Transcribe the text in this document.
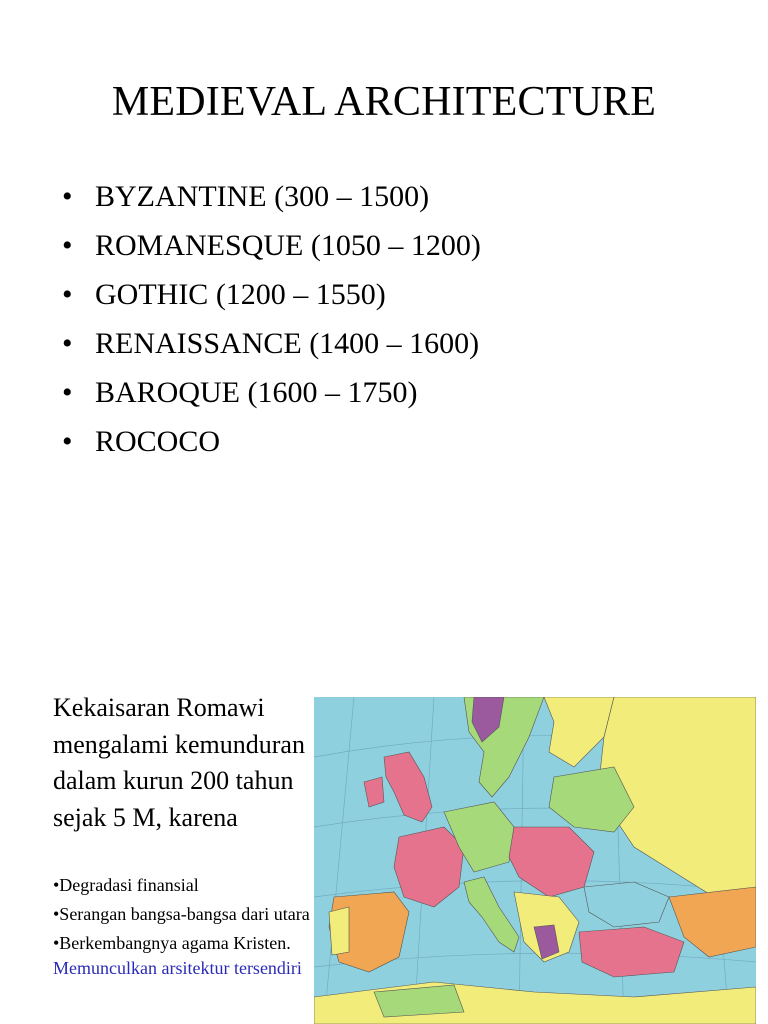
MEDIEVAL ARCHITECTURE
• BYZANTINE (300 – 1500)
• ROMANESQUE (1050 – 1200)
• GOTHIC (1200 – 1550)
• RENAISSANCE (1400 – 1600)
• BAROQUE (1600 – 1750)
• ROCOCO
Kekaisaran Romawi mengalami kemunduran dalam kurun 200 tahun sejak 5 M, karena
•Degradasi finansial
•Serangan bangsa-bangsa dari utara
•Berkembangnya agama Kristen. Memunculkan arsitektur tersendiri
